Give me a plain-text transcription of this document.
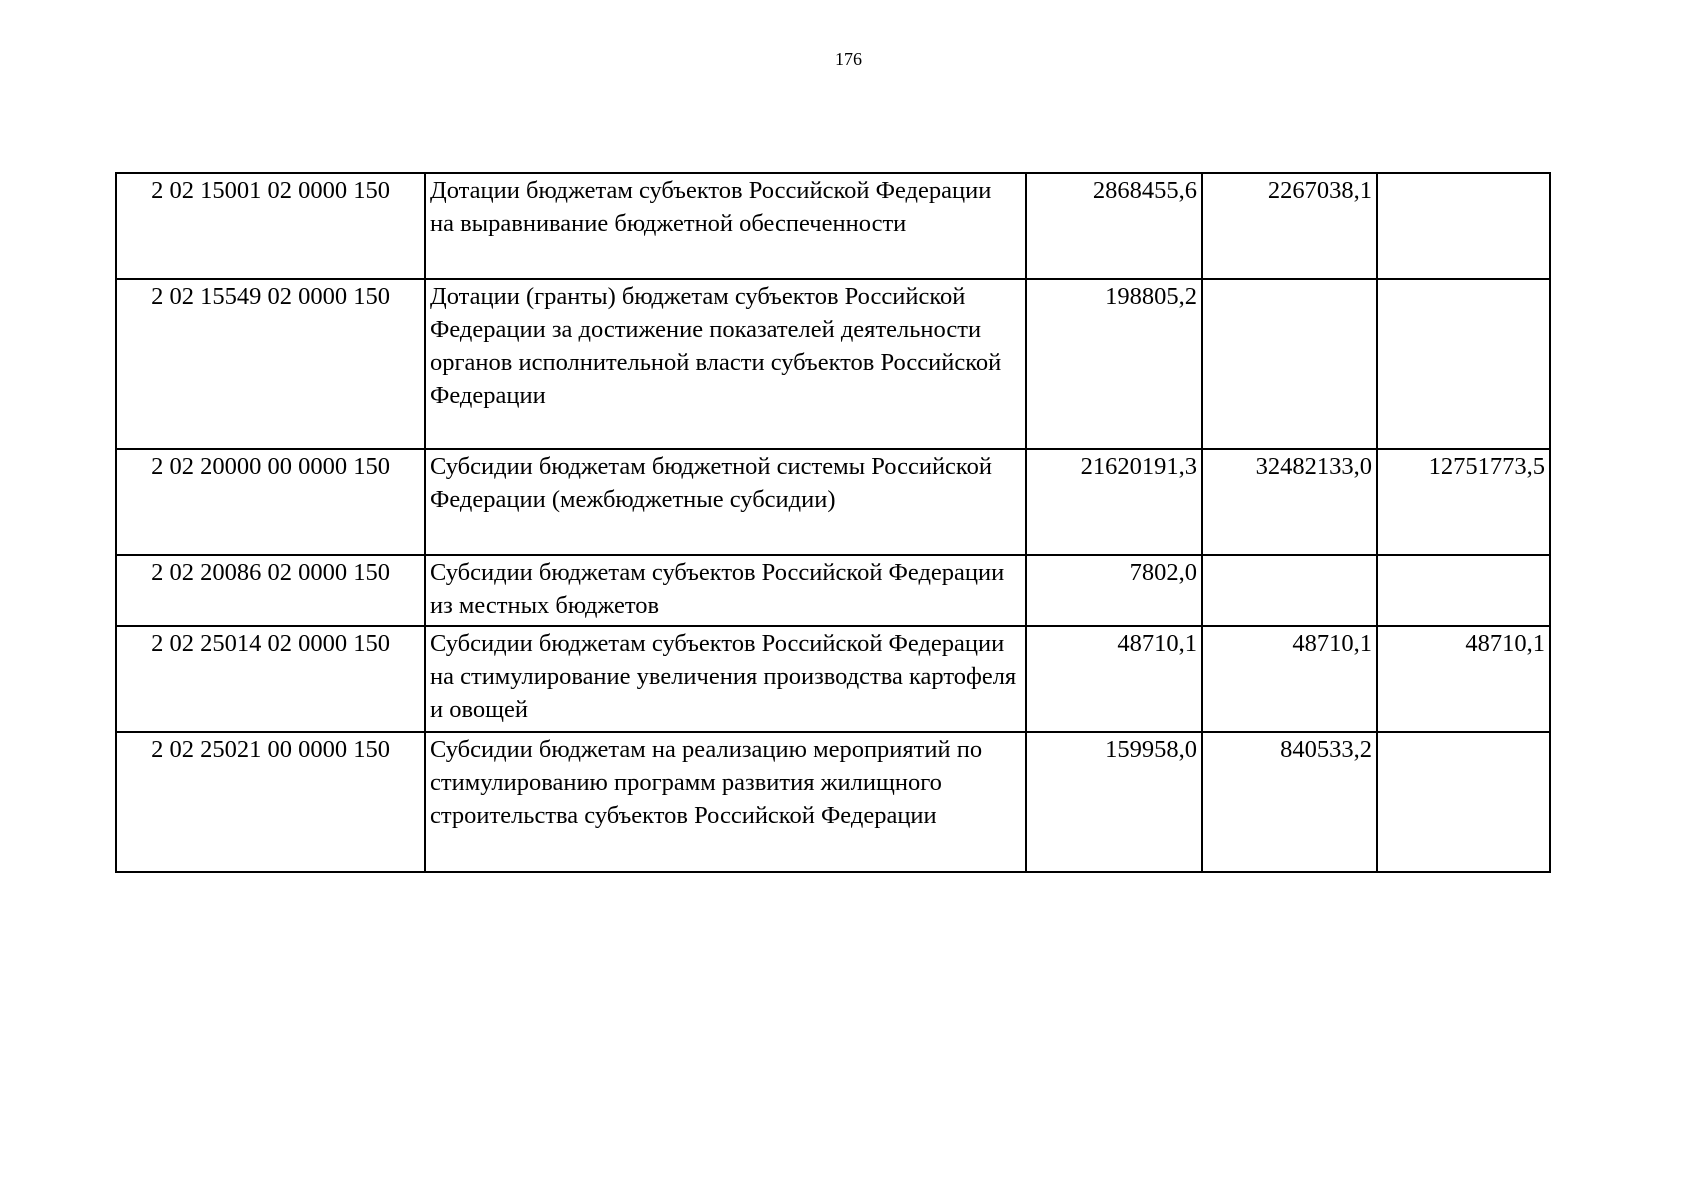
176
2 02 15001 02 0000 150	Дотации бюджетам субъектов Российской Федерации на выравнивание бюджетной обеспеченности	2868455,6	2267038,1	
2 02 15549 02 0000 150	Дотации (гранты) бюджетам субъектов Российской Федерации за достижение показателей деятельности органов исполнительной власти субъектов Российской Федерации	198805,2		
2 02 20000 00 0000 150	Субсидии бюджетам бюджетной системы Российской Федерации (межбюджетные субсидии)	21620191,3	32482133,0	12751773,5
2 02 20086 02 0000 150	Субсидии бюджетам субъектов Российской Федерации из местных бюджетов	7802,0		
2 02 25014 02 0000 150	Субсидии бюджетам субъектов Российской Федерации на стимулирование увеличения производства картофеля и овощей	48710,1	48710,1	48710,1
2 02 25021 00 0000 150	Субсидии бюджетам на реализацию мероприятий по стимулированию программ развития жилищного строительства субъектов Российской Федерации	159958,0	840533,2	
